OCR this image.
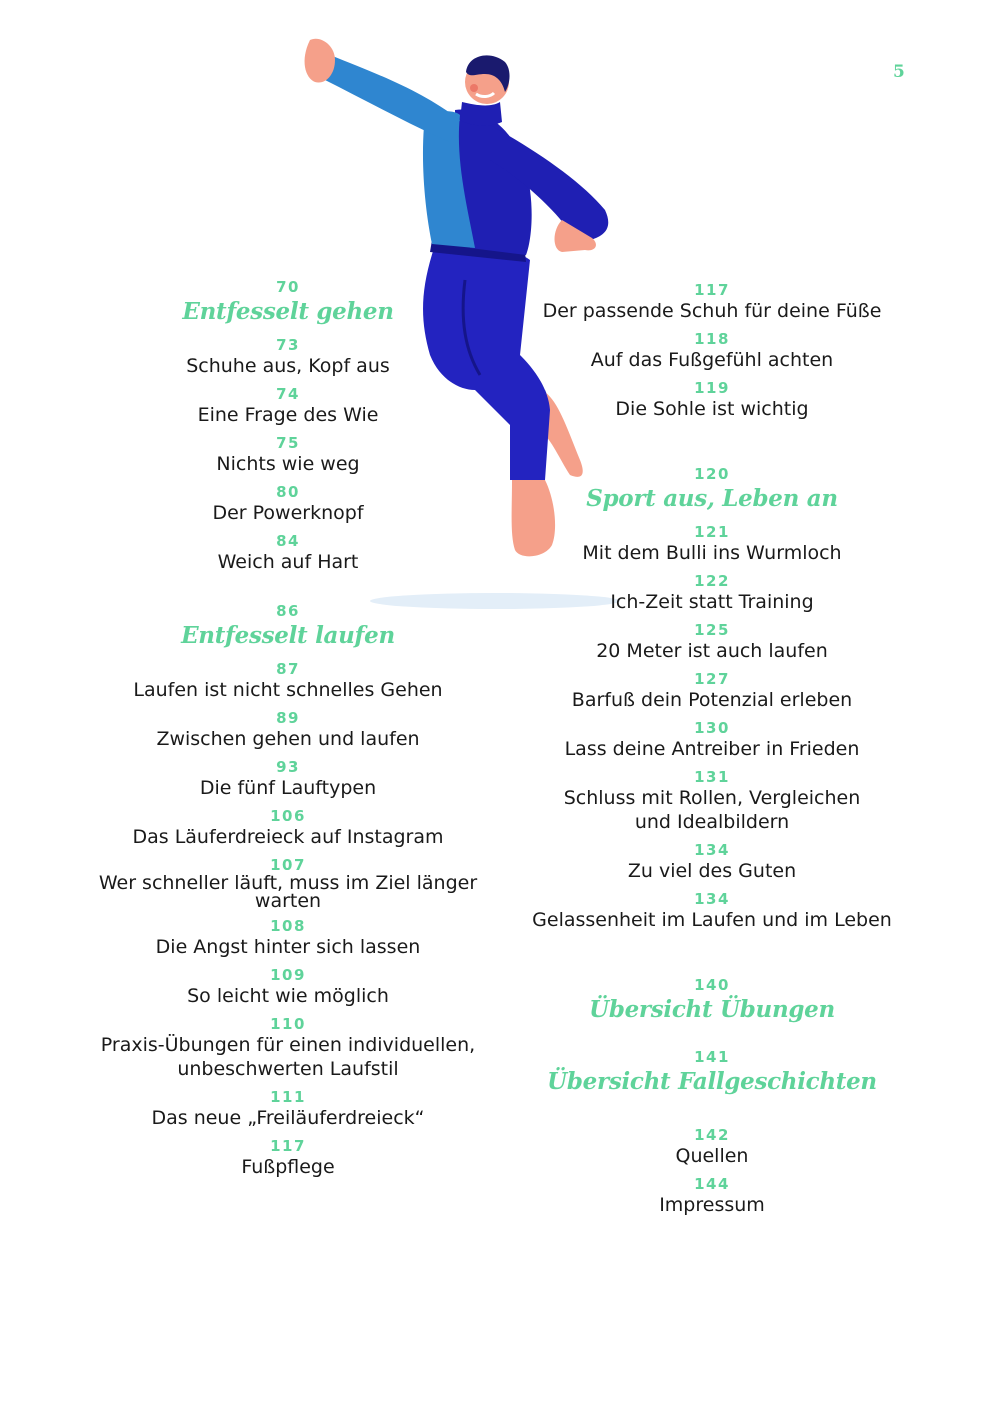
5
70
Entfesselt gehen
73
Schuhe aus, Kopf aus
74
Eine Frage des Wie
75
Nichts wie weg
80
Der Powerknopf
84
Weich auf Hart
86
Entfesselt laufen
87
Laufen ist nicht schnelles Gehen
89
Zwischen gehen und laufen
93
Die fünf Lauftypen
106
Das Läuferdreieck auf Instagram
107
Wer schneller läuft, muss im Ziel länger
warten
108
Die Angst hinter sich lassen
109
So leicht wie möglich
110
Praxis-Übungen für einen individuellen,
unbeschwerten Laufstil
111
Das neue „Freiläuferdreieck“
117
Fußpflege
117
Der passende Schuh für deine Füße
118
Auf das Fußgefühl achten
119
Die Sohle ist wichtig
120
Sport aus, Leben an
121
Mit dem Bulli ins Wurmloch
122
Ich-Zeit statt Training
125
20 Meter ist auch laufen
127
Barfuß dein Potenzial erleben
130
Lass deine Antreiber in Frieden
131
Schluss mit Rollen, Vergleichen
und Idealbildern
134
Zu viel des Guten
134
Gelassenheit im Laufen und im Leben
140
Übersicht Übungen
141
Übersicht Fallgeschichten
142
Quellen
144
Impressum
